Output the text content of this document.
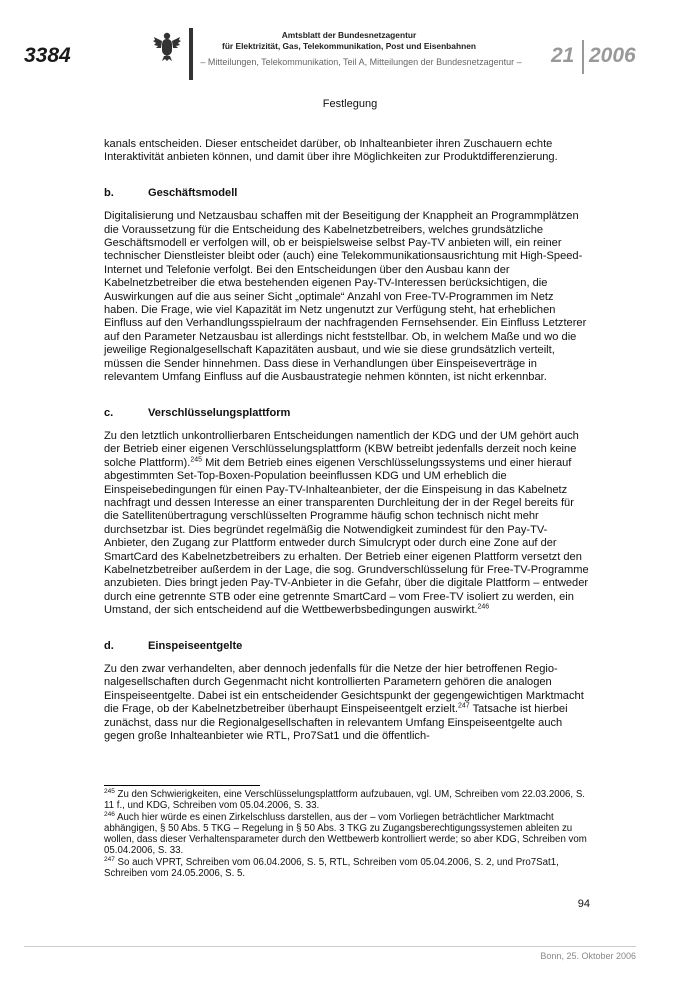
3384
Amtsblatt der Bundesnetzagentur
für Elektrizität, Gas, Telekommunikation, Post und Eisenbahnen
– Mitteilungen, Telekommunikation, Teil A, Mitteilungen der Bundesnetzagentur – 21 2006
Festlegung

kanals entscheiden. Dieser entscheidet darüber, ob Inhalteanbieter ihren Zuschauern echte Interaktivität anbieten können, und damit über ihre Möglichkeiten zur Produktdifferenzierung.

b.	Geschäftsmodell

Digitalisierung und Netzausbau schaffen mit der Beseitigung der Knappheit an Programmplätzen die Voraussetzung für die Entscheidung des Kabelnetzbetreibers, welches grundsätzliche Geschäftsmodell er verfolgen will, ob er beispielsweise selbst Pay-TV anbieten will, ein reiner technischer Dienstleister bleibt oder (auch) eine Telekommunikationsausrichtung mit High-Speed-Internet und Telefonie verfolgt. Bei den Entscheidungen über den Ausbau kann der Kabelnetzbetreiber die etwa bestehenden eigenen Pay-TV-Interessen berücksichtigen, die Auswirkungen auf die aus seiner Sicht „optimale“ Anzahl von Free-TV-Programmen im Netz haben. Die Frage, wie viel Kapazität im Netz ungenutzt zur Verfügung steht, hat erheblichen Einfluss auf den Verhandlungsspielraum der nachfragenden Fernsehsender. Ein Einfluss Letzterer auf den Parameter Netzausbau ist allerdings nicht feststellbar. Ob, in welchem Maße und wo die jeweilige Regionalgesellschaft Kapazitäten ausbaut, und wie sie diese grundsätzlich verteilt, müssen die Sender hinnehmen. Dass diese in Verhandlungen über Einspeiseverträge in relevantem Umfang Einfluss auf die Ausbaustrategie nehmen könnten, ist nicht erkennbar.

c.	Verschlüsselungsplattform

Zu den letztlich unkontrollierbaren Entscheidungen namentlich der KDG und der UM gehört auch der Betrieb einer eigenen Verschlüsselungsplattform (KBW betreibt jedenfalls derzeit noch keine solche Plattform).$^{245}$ Mit dem Betrieb eines eigenen Verschlüsselungssystems und einer hierauf abgestimmten Set-Top-Boxen-Population beeinflussen KDG und UM erheblich die Einspeisebedingungen für einen Pay-TV-Inhalteanbieter, der die Einspeisung in das Kabelnetz nachfragt und dessen Interesse an einer transparenten Durchleitung der in der Regel bereits für die Satellitenübertragung verschlüsselten Programme häufig schon technisch nicht mehr durchsetzbar ist. Dies begründet regelmäßig die Notwendigkeit zumindest für den Pay-TV-Anbieter, den Zugang zur Plattform entweder durch Simulcrypt oder durch eine Zone auf der SmartCard des Kabelnetzbetreibers zu erhalten. Der Betrieb einer eigenen Plattform versetzt den Kabelnetzbetreiber außerdem in der Lage, die sog. Grundverschlüsselung für Free-TV-Programme anzubieten. Dies bringt jeden Pay-TV-Anbieter in die Gefahr, über die digitale Plattform – entweder durch eine getrennte STB oder eine getrennte SmartCard – vom Free-TV isoliert zu werden, ein Umstand, der sich entscheidend auf die Wettbewerbsbedingungen auswirkt.$^{246}$

d.	Einspeiseentgelte

Zu den zwar verhandelten, aber dennoch jedenfalls für die Netze der hier betroffenen Regionalgesellschaften durch Gegenmacht nicht kontrollierten Parametern gehören die analogen Einspeiseentgelte. Dabei ist ein entscheidender Gesichtspunkt der gegengewichtigen Marktmacht die Frage, ob der Kabelnetzbetreiber überhaupt Einspeiseentgelt erzielt.$^{247}$ Tatsache ist hierbei zunächst, dass nur die Regionalgesellschaften in relevantem Umfang Einspeiseentgelte auch gegen große Inhalteanbieter wie RTL, Pro7Sat1 und die öffentlich-

$^{245}$ Zu den Schwierigkeiten, eine Verschlüsselungsplattform aufzubauen, vgl. UM, Schreiben vom 22.03.2006, S. 11 f., und KDG, Schreiben vom 05.04.2006, S. 33.

$^{246}$ Auch hier würde es einen Zirkelschluss darstellen, aus der – vom Vorliegen beträchtlicher Marktmacht abhängigen, § 50 Abs. 5 TKG – Regelung in § 50 Abs. 3 TKG zu Zugangsberechtigungssystemen ableiten zu wollen, dass dieser Verhaltensparameter durch den Wettbewerb kontrolliert werde; so aber KDG, Schreiben vom 05.04.2006, S. 33.

$^{247}$ So auch VPRT, Schreiben vom 06.04.2006, S. 5, RTL, Schreiben vom 05.04.2006, S. 2, und Pro7Sat1, Schreiben vom 24.05.2006, S. 5.

94
Bonn, 25. Oktober 2006
